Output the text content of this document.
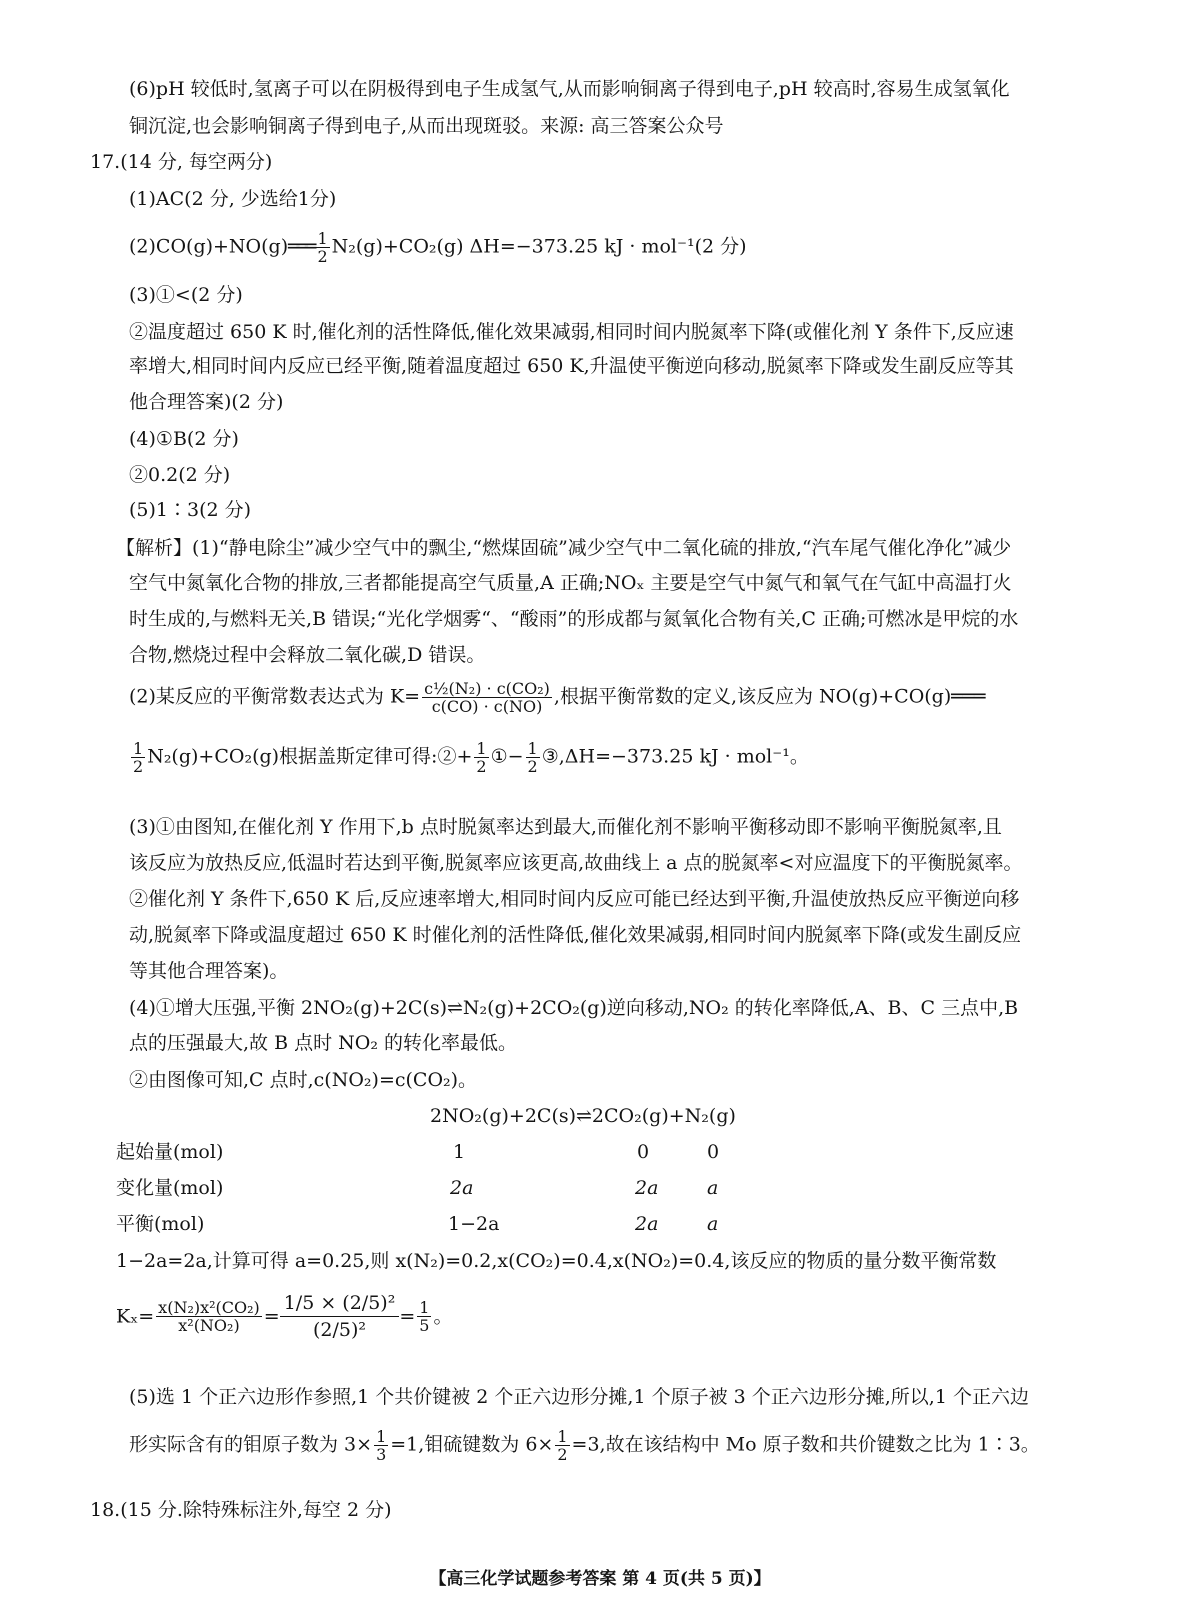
(6)pH 较低时,氢离子可以在阴极得到电子生成氢气,从而影响铜离子得到电子,pH 较高时,容易生成氢氧化
铜沉淀,也会影响铜离子得到电子,从而出现斑驳。来源: 高三答案公众号
17.(14 分, 每空两分)
(1)AC(2 分, 少选给1分)
(2)CO(g)+NO(g)═══ $\frac{1}{2} N_2(g)+CO_2(g)$ ΔH=−373.25 kJ · mol⁻¹(2 分)
(3)①<(2 分)
②温度超过 650 K 时,催化剂的活性降低,催化效果减弱,相同时间内脱氮率下降(或催化剂 Y 条件下,反应速
率增大,相同时间内反应已经平衡,随着温度超过 650 K,升温使平衡逆向移动,脱氮率下降或发生副反应等其
他合理答案)(2 分)
(4)①B(2 分)
②0.2(2 分)
(5)1∶3(2 分)
【解析】(1)“静电除尘”减少空气中的飘尘,“燃煤固硫”减少空气中二氧化硫的排放,“汽车尾气催化净化”减少
空气中氮氧化合物的排放,三者都能提高空气质量,A 正确;NOₓ 主要是空气中氮气和氧气在气缸中高温打火
时生成的,与燃料无关,B 错误;“光化学烟雾“、“酸雨”的形成都与氮氧化合物有关,C 正确;可燃冰是甲烷的水
合物,燃烧过程中会释放二氧化碳,D 错误。
(2)某反应的平衡常数表达式为 $K= \frac{\text{c½(N₂) · c(CO₂)}}{c(CO) \cdot c(NO)}$ ,根据平衡常数的定义,该反应为 NO(g)+CO(g)═══
$\frac{1}{2} N_2(g)+CO_2(g)$根据盖斯定律可得:②+ $\frac{1}{2}$ ①− $\frac{1}{2}$ ③,ΔH=−373.25 kJ · mol⁻¹。
(3)①由图知,在催化剂 Y 作用下,b 点时脱氮率达到最大,而催化剂不影响平衡移动即不影响平衡脱氮率,且
该反应为放热反应,低温时若达到平衡,脱氮率应该更高,故曲线上 a 点的脱氮率<对应温度下的平衡脱氮率。
②催化剂 Y 条件下,650 K 后,反应速率增大,相同时间内反应可能已经达到平衡,升温使放热反应平衡逆向移
动,脱氮率下降或温度超过 650 K 时催化剂的活性降低,催化效果减弱,相同时间内脱氮率下降(或发生副反应
等其他合理答案)。
(4)①增大压强,平衡 2NO₂(g)+2C(s)⇌N₂(g)+2CO₂(g)逆向移动,NO₂ 的转化率降低,A、B、C 三点中,B
点的压强最大,故 B 点时 NO₂ 的转化率最低。
②由图像可知,C 点时,c(NO₂)=c(CO₂)。
2NO₂(g)+2C(s)⇌2CO₂(g)+N₂(g)
起始量(mol)	1	0	0
变化量(mol)	2a	2a	a
平衡(mol)	1−2a	2a	a
1−2a=2a,计算可得 a=0.25,则 x(N₂)=0.2,x(CO₂)=0.4,x(NO₂)=0.4,该反应的物质的量分数平衡常数
$K_x= \frac{\text{x(N₂)x²(CO₂)}}{\text{x²(NO₂)}} = \frac{\text{1/5 × (2/5)²}}{\text{(2/5)²}} = \frac{1}{5}$ 。
(5)选 1 个正六边形作参照,1 个共价键被 2 个正六边形分摊,1 个原子被 3 个正六边形分摊,所以,1 个正六边
形实际含有的钼原子数为 $3\times \frac{1}{3} =1$,钼硫键数为 $6\times \frac{1}{2} =3$,故在该结构中 Mo 原子数和共价键数之比为 1∶3。
18.(15 分.除特殊标注外,每空 2 分)
【高三化学试题参考答案 第 4 页(共 5 页)】
